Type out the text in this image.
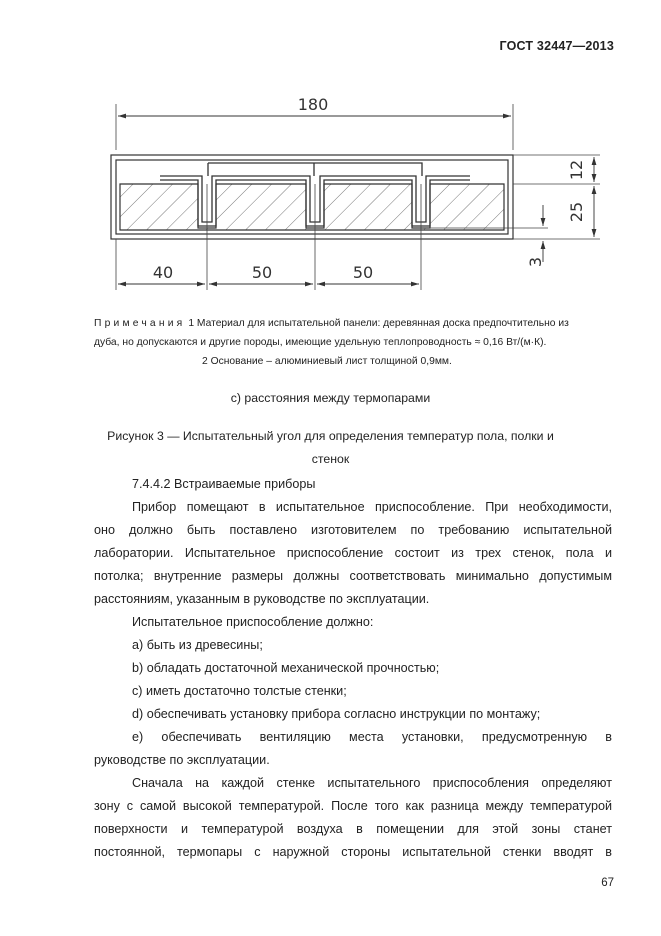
ГОСТ 32447—2013
180
12
25
3
40	50	50
Примечания 1 Материал для испытательной панели: деревянная доска предпочтительно из
дуба, но допускаются и другие породы, имеющие удельную теплопроводность ≈ 0,16 Вт/(м·К).
2 Основание – алюминиевый лист толщиной 0,9мм.
с) расстояния между термопарами
Рисунок 3 — Испытательный угол для определения температур пола, полки и
стенок
7.4.4.2 Встраиваемые приборы
Прибор помещают в испытательное приспособление. При необходимости,
оно должно быть поставлено изготовителем по требованию испытательной
лаборатории. Испытательное приспособление состоит из трех стенок, пола и
потолка; внутренние размеры должны соответствовать минимально допустимым
расстояниям, указанным в руководстве по эксплуатации.
Испытательное приспособление должно:
a) быть из древесины;
b) обладать достаточной механической прочностью;
c) иметь достаточно толстые стенки;
d) обеспечивать установку прибора согласно инструкции по монтажу;
e) обеспечивать вентиляцию места установки, предусмотренную в
руководстве по эксплуатации.
Сначала на каждой стенке испытательного приспособления определяют
зону с самой высокой температурой. После того как разница между температурой
поверхности и температурой воздуха в помещении для этой зоны станет
постоянной, термопары с наружной стороны испытательной стенки вводят в
67
